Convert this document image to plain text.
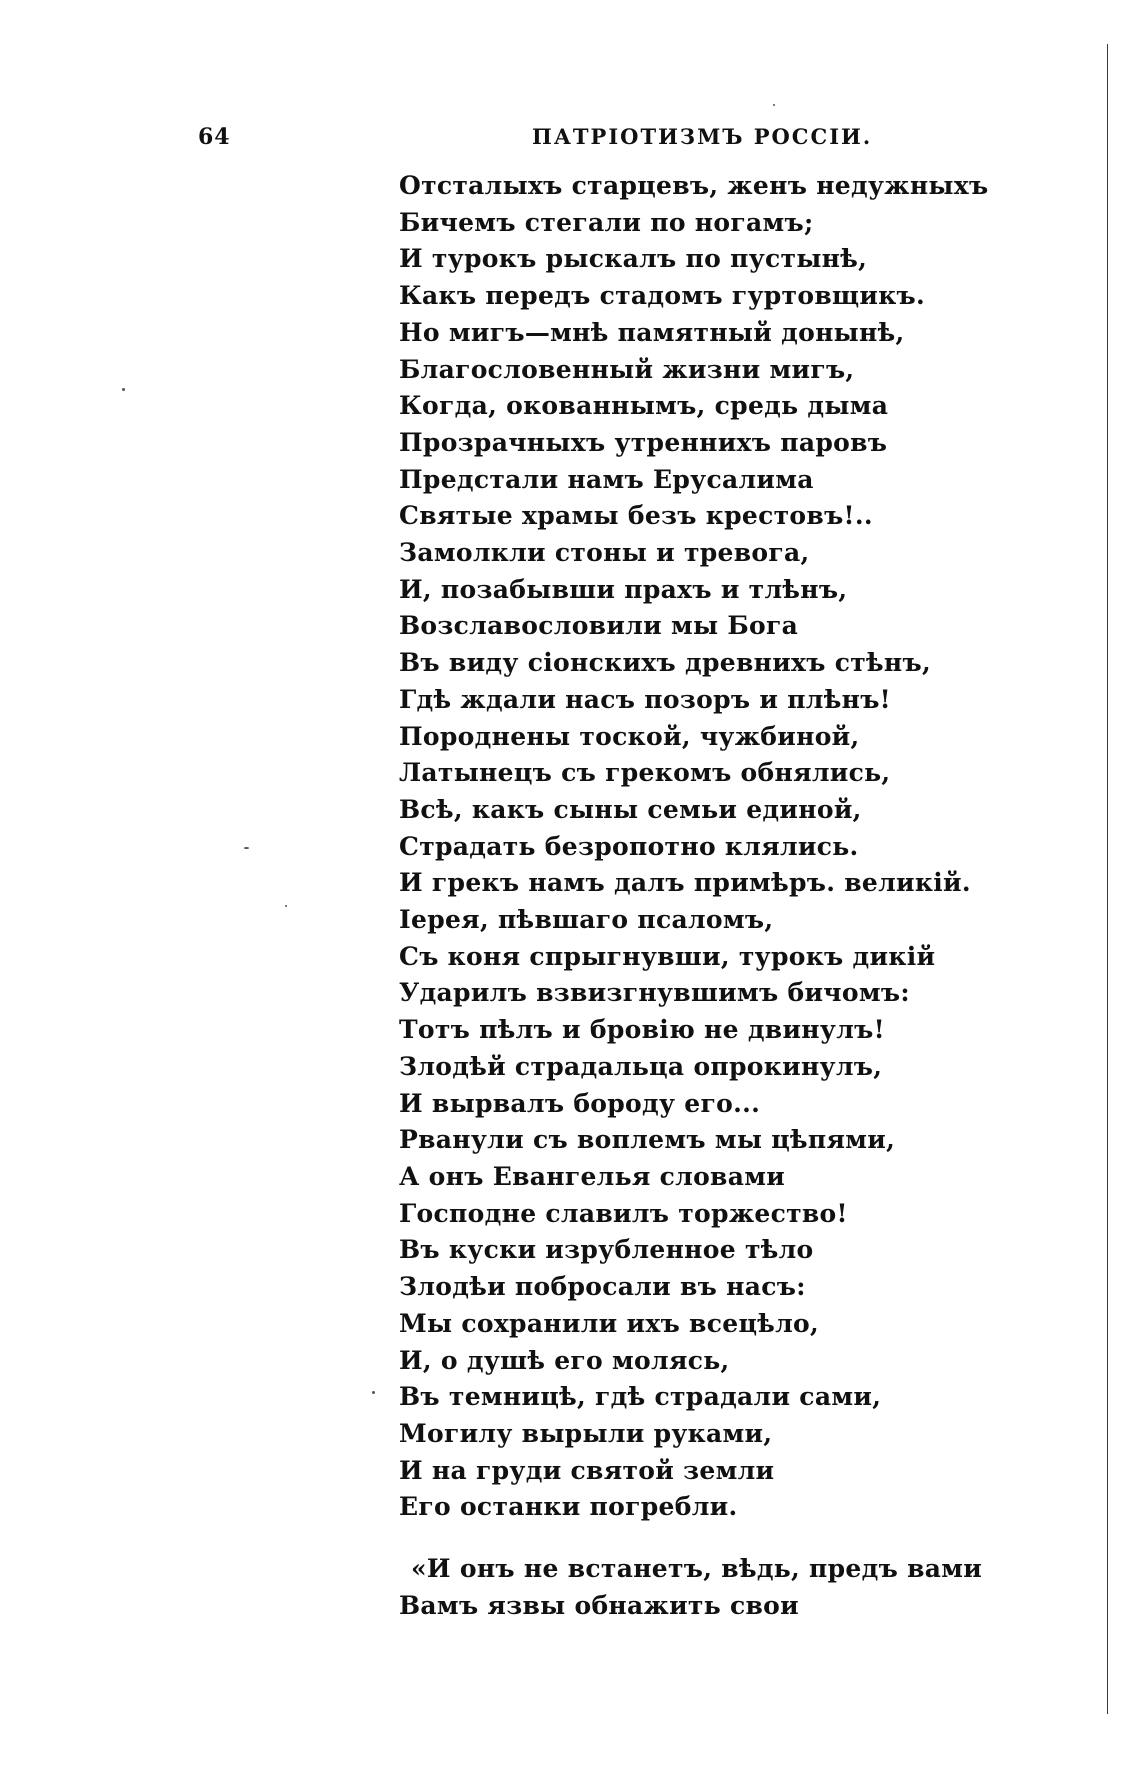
64	ПАТРІОТИЗМЪ РОССІИ.
Отсталыхъ старцевъ, женъ недужныхъ
Бичемъ стегали по ногамъ;
И турокъ рыскалъ по пустынѣ,
Какъ передъ стадомъ гуртовщикъ.
Но мигъ—мнѣ памятный донынѣ,
Благословенный жизни мигъ,
Когда, окованнымъ, средь дыма
Прозрачныхъ утреннихъ паровъ
Предстали намъ Ерусалима
Святые храмы безъ крестовъ!..
Замолкли стоны и тревога,
И, позабывши прахъ и тлѣнъ,
Возславословили мы Бога
Въ виду сіонскихъ древнихъ стѣнъ,
Гдѣ ждали насъ позоръ и плѣнъ!
Породнены тоской, чужбиной,
Латынецъ съ грекомъ обнялись,
Всѣ, какъ сыны семьи единой,
Страдать безропотно клялись.
И грекъ намъ далъ примѣръ. великій.
Іерея, пѣвшаго псаломъ,
Съ коня спрыгнувши, турокъ дикій
Ударилъ взвизгнувшимъ бичомъ:
Тотъ пѣлъ и бровію не двинулъ!
Злодѣй страдальца опрокинулъ,
И вырвалъ бороду его...
Рванули съ воплемъ мы цѣпями,
А онъ Евангелья словами
Господне славилъ торжество!
Въ куски изрубленное тѣло
Злодѣи побросали въ насъ:
Мы сохранили ихъ всецѣло,
И, о душѣ его молясь,
Въ темницѣ, гдѣ страдали сами,
Могилу вырыли руками,
И на груди святой земли
Его останки погребли.
«И онъ не встанетъ, вѣдь, предъ вами
Вамъ язвы обнажить свои
